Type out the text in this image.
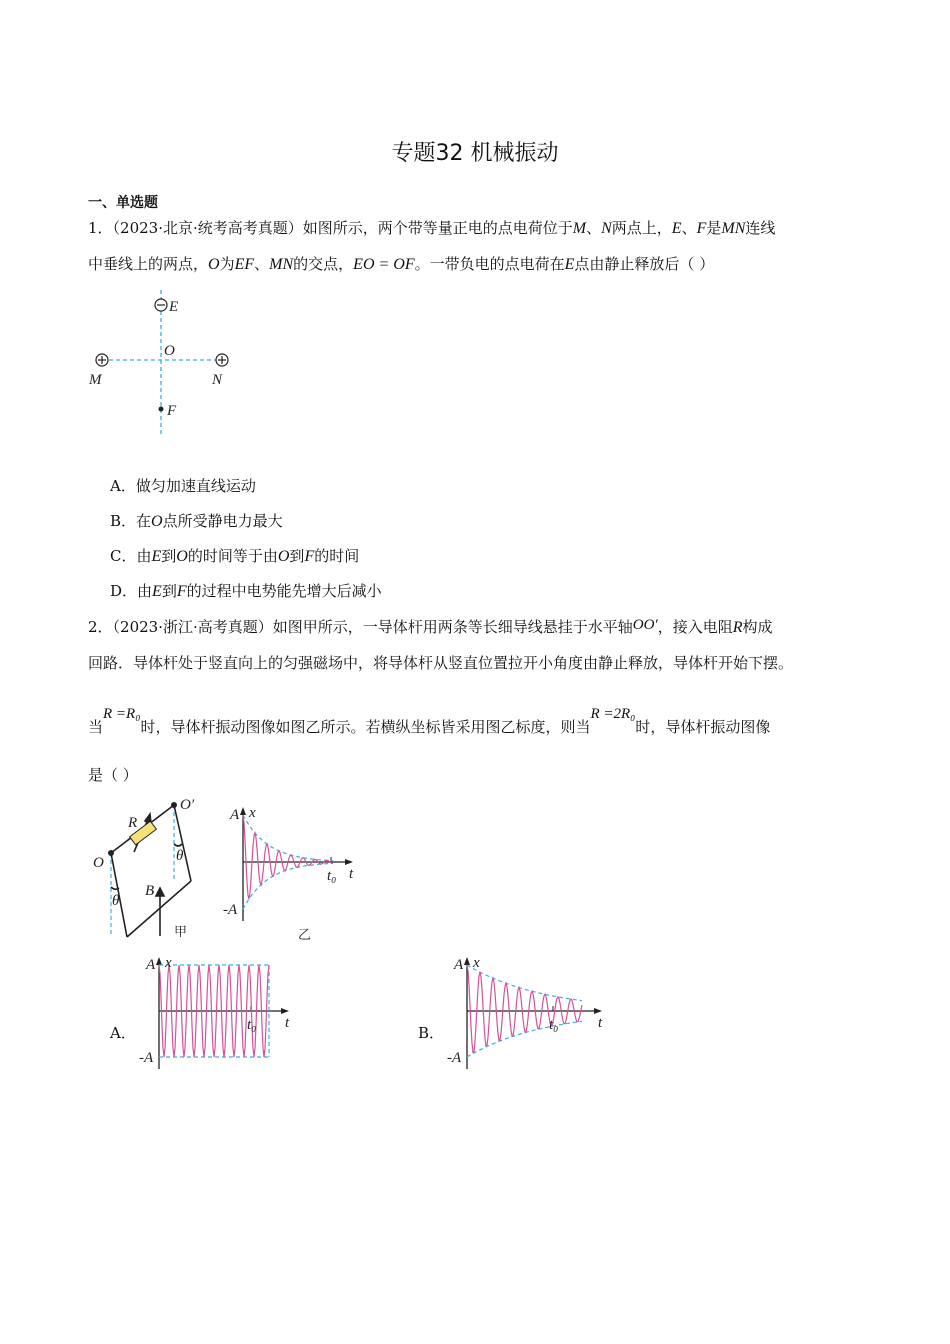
专题32 机械振动
一、单选题
1．（2023·北京·统考高考真题）如图所示，两个带等量正电的点电荷位于M、N两点上，E、F是MN连线
中垂线上的两点，O为EF、MN的交点，EO = OF。一带负电的点电荷在E点由静止释放后（ ）
E
O
M	N
F
A．做匀加速直线运动
B．在O点所受静电力最大
C．由E到O的时间等于由O到F的时间
D．由E到F的过程中电势能先增大后减小
2．（2023·浙江·高考真题）如图甲所示，一导体杆用两条等长细导线悬挂于水平轴OO′，接入电阻R构成
回路．导体杆处于竖直向上的匀强磁场中，将导体杆从竖直位置拉开小角度由静止释放，导体杆开始下摆。
当R =R₀时，导体杆振动图像如图乙所示。若横纵坐标皆采用图乙标度，则当R =2R₀时，导体杆振动图像
是（ ）
R
O
O′
θ
θ
B
甲
x
A
-A
t
t₀
乙
A．
x
A
-A
t
t₀	B．
x
A
-A
t
t₀
